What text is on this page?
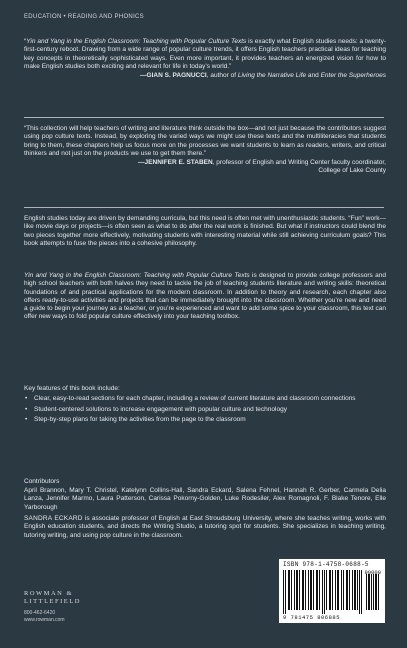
EDUCATION • READING AND PHONICS

“Yin and Yang in the English Classroom: Teaching with Popular Culture Texts is exactly what English studies needs: a twenty-first-century reboot. Drawing from a wide range of popular culture trends, it offers English teachers practical ideas for teaching key concepts in theoretically sophisticated ways. Even more important, it provides teachers an energized vision for how to make English studies both exciting and relevant for life in today’s world.”

—GIAN S. PAGNUCCI, author of Living the Narrative Life and Enter the Superheroes

“This collection will help teachers of writing and literature think outside the box—and not just because the contributors suggest using pop culture texts. Instead, by exploring the varied ways we might use these texts and the multiliteracies that students bring to them, these chapters help us focus more on the processes we want students to learn as readers, writers, and critical thinkers and not just on the products we use to get them there.”

—JENNIFER E. STABEN, professor of English and Writing Center faculty coordinator,
College of Lake County

English studies today are driven by demanding curricula, but this need is often met with unenthusiastic students. “Fun” work—like movie days or projects—is often seen as what to do after the real work is finished. But what if instructors could blend the two pieces together more effectively, motivating students with interesting material while still achieving curriculum goals? This book attempts to fuse the pieces into a cohesive philosophy.

Yin and Yang in the English Classroom: Teaching with Popular Culture Texts is designed to provide college professors and high school teachers with both halves they need to tackle the job of teaching students literature and writing skills: theoretical foundations of and practical applications for the modern classroom. In addition to theory and research, each chapter also offers ready-to-use activities and projects that can be immediately brought into the classroom. Whether you’re new and need a guide to begin your journey as a teacher, or you’re experienced and want to add some spice to your classroom, this text can offer new ways to fold popular culture effectively into your teaching toolbox.

Key features of this book include:
• Clear, easy-to-read sections for each chapter, including a review of current literature and classroom connections
• Student-centered solutions to increase engagement with popular culture and technology
• Step-by-step plans for taking the activities from the page to the classroom
Contributors
April Brannon, Mary T. Christel, Katelynn Collins-Hall, Sandra Eckard, Salena Fehnel, Hannah R. Gerber, Carmela Delia Lanza, Jennifer Marmo, Laura Patterson, Carissa Pokorny-Golden, Luke Rodesiler, Alex Romagnoli, F. Blake Tenore, Elle Yarborough

SANDRA ECKARD is associate professor of English at East Stroudsburg University, where she teaches writing, works with English education students, and directs the Writing Studio, a tutoring spot for students. She specializes in teaching writing, tutoring writing, and using pop culture in the classroom.

ROWMAN &
LITTLEFIELD
800-462-6420
www.rowman.com
ISBN 978-1-4758-0688-5
90000
9 781475 806885
